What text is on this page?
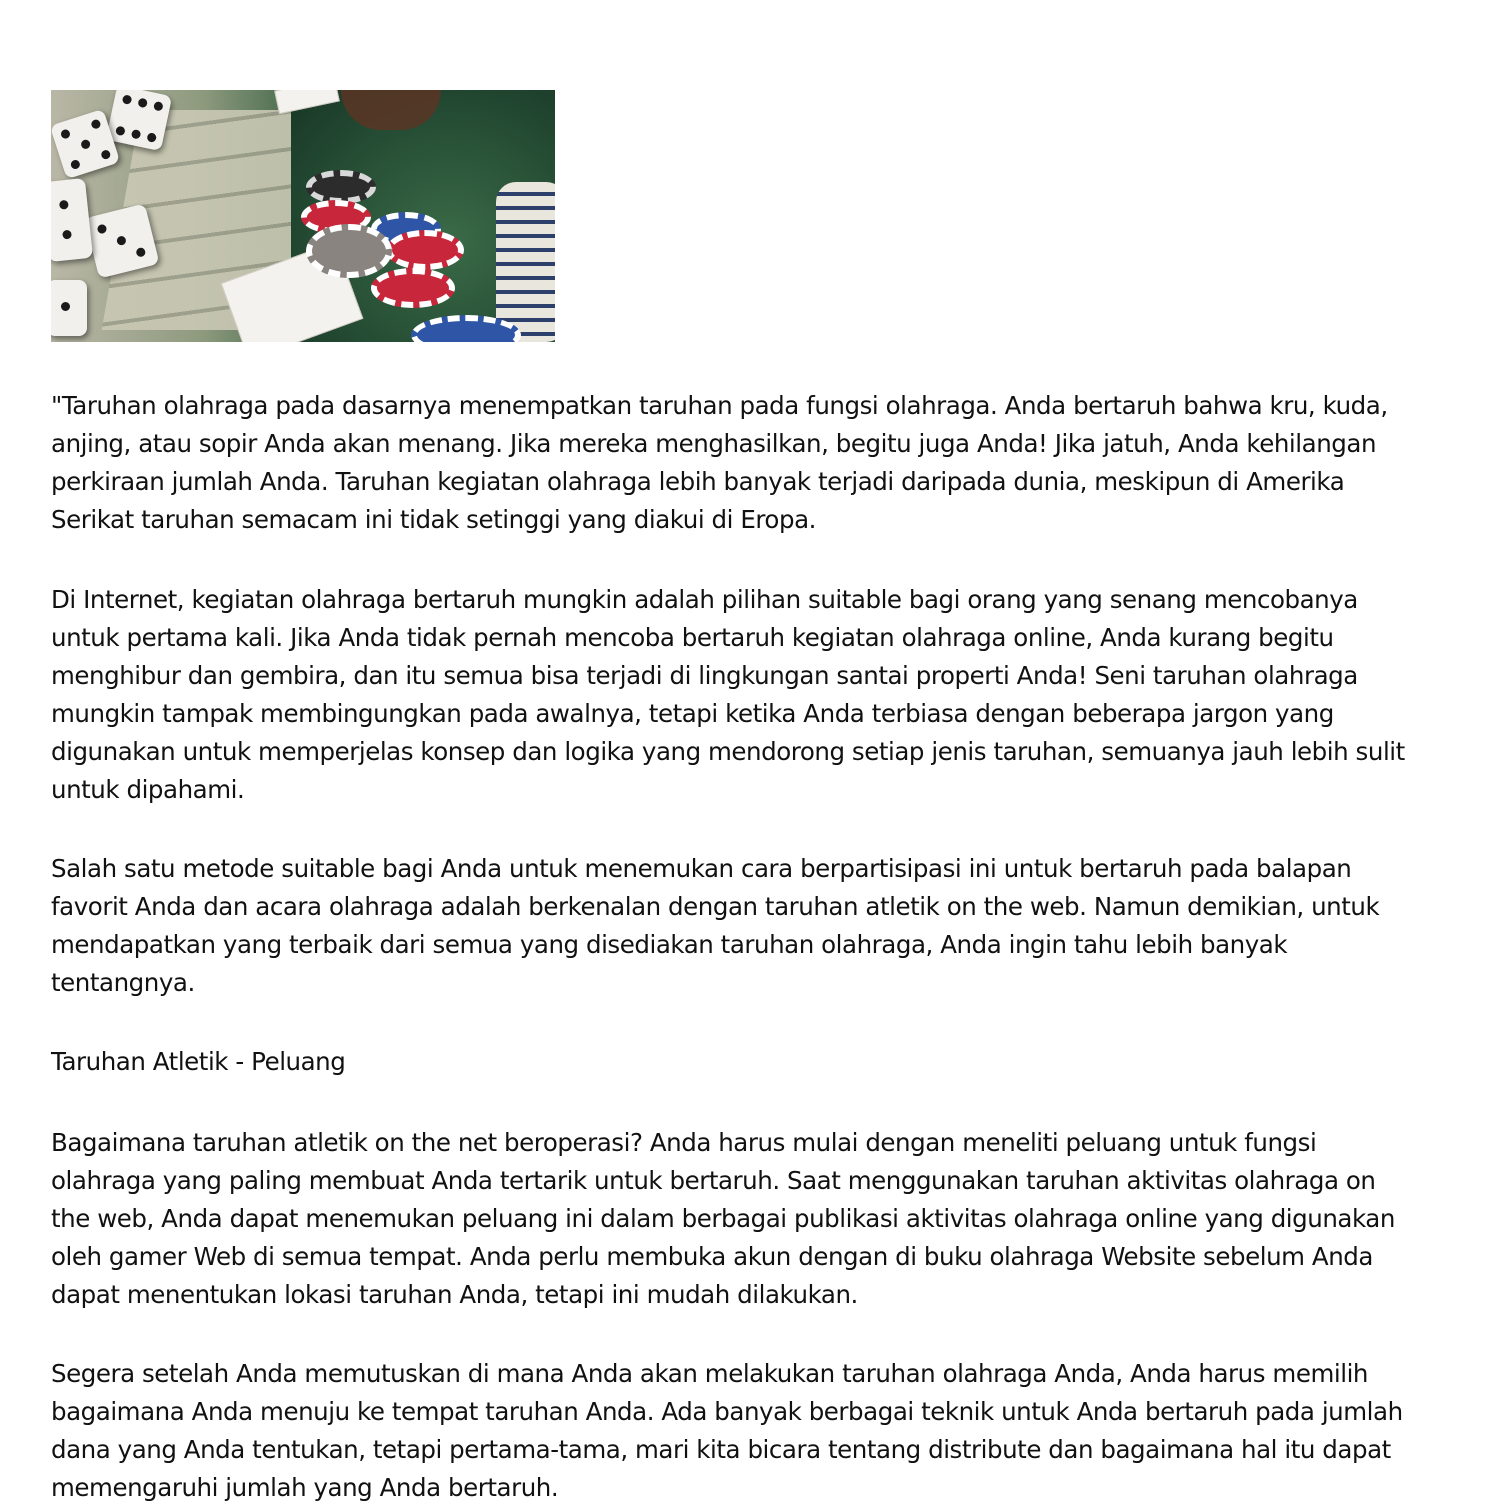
"Taruhan olahraga pada dasarnya menempatkan taruhan pada fungsi olahraga. Anda bertaruh bahwa kru, kuda,
anjing, atau sopir Anda akan menang. Jika mereka menghasilkan, begitu juga Anda! Jika jatuh, Anda kehilangan
perkiraan jumlah Anda. Taruhan kegiatan olahraga lebih banyak terjadi daripada dunia, meskipun di Amerika
Serikat taruhan semacam ini tidak setinggi yang diakui di Eropa.

Di Internet, kegiatan olahraga bertaruh mungkin adalah pilihan suitable bagi orang yang senang mencobanya
untuk pertama kali. Jika Anda tidak pernah mencoba bertaruh kegiatan olahraga online, Anda kurang begitu
menghibur dan gembira, dan itu semua bisa terjadi di lingkungan santai properti Anda! Seni taruhan olahraga
mungkin tampak membingungkan pada awalnya, tetapi ketika Anda terbiasa dengan beberapa jargon yang
digunakan untuk memperjelas konsep dan logika yang mendorong setiap jenis taruhan, semuanya jauh lebih sulit
untuk dipahami.

Salah satu metode suitable bagi Anda untuk menemukan cara berpartisipasi ini untuk bertaruh pada balapan
favorit Anda dan acara olahraga adalah berkenalan dengan taruhan atletik on the web. Namun demikian, untuk
mendapatkan yang terbaik dari semua yang disediakan taruhan olahraga, Anda ingin tahu lebih banyak
tentangnya.

Taruhan Atletik - Peluang

Bagaimana taruhan atletik on the net beroperasi? Anda harus mulai dengan meneliti peluang untuk fungsi
olahraga yang paling membuat Anda tertarik untuk bertaruh. Saat menggunakan taruhan aktivitas olahraga on
the web, Anda dapat menemukan peluang ini dalam berbagai publikasi aktivitas olahraga online yang digunakan
oleh gamer Web di semua tempat. Anda perlu membuka akun dengan di buku olahraga Website sebelum Anda
dapat menentukan lokasi taruhan Anda, tetapi ini mudah dilakukan.

Segera setelah Anda memutuskan di mana Anda akan melakukan taruhan olahraga Anda, Anda harus memilih
bagaimana Anda menuju ke tempat taruhan Anda. Ada banyak berbagai teknik untuk Anda bertaruh pada jumlah
dana yang Anda tentukan, tetapi pertama-tama, mari kita bicara tentang distribute dan bagaimana hal itu dapat
memengaruhi jumlah yang Anda bertaruh.
